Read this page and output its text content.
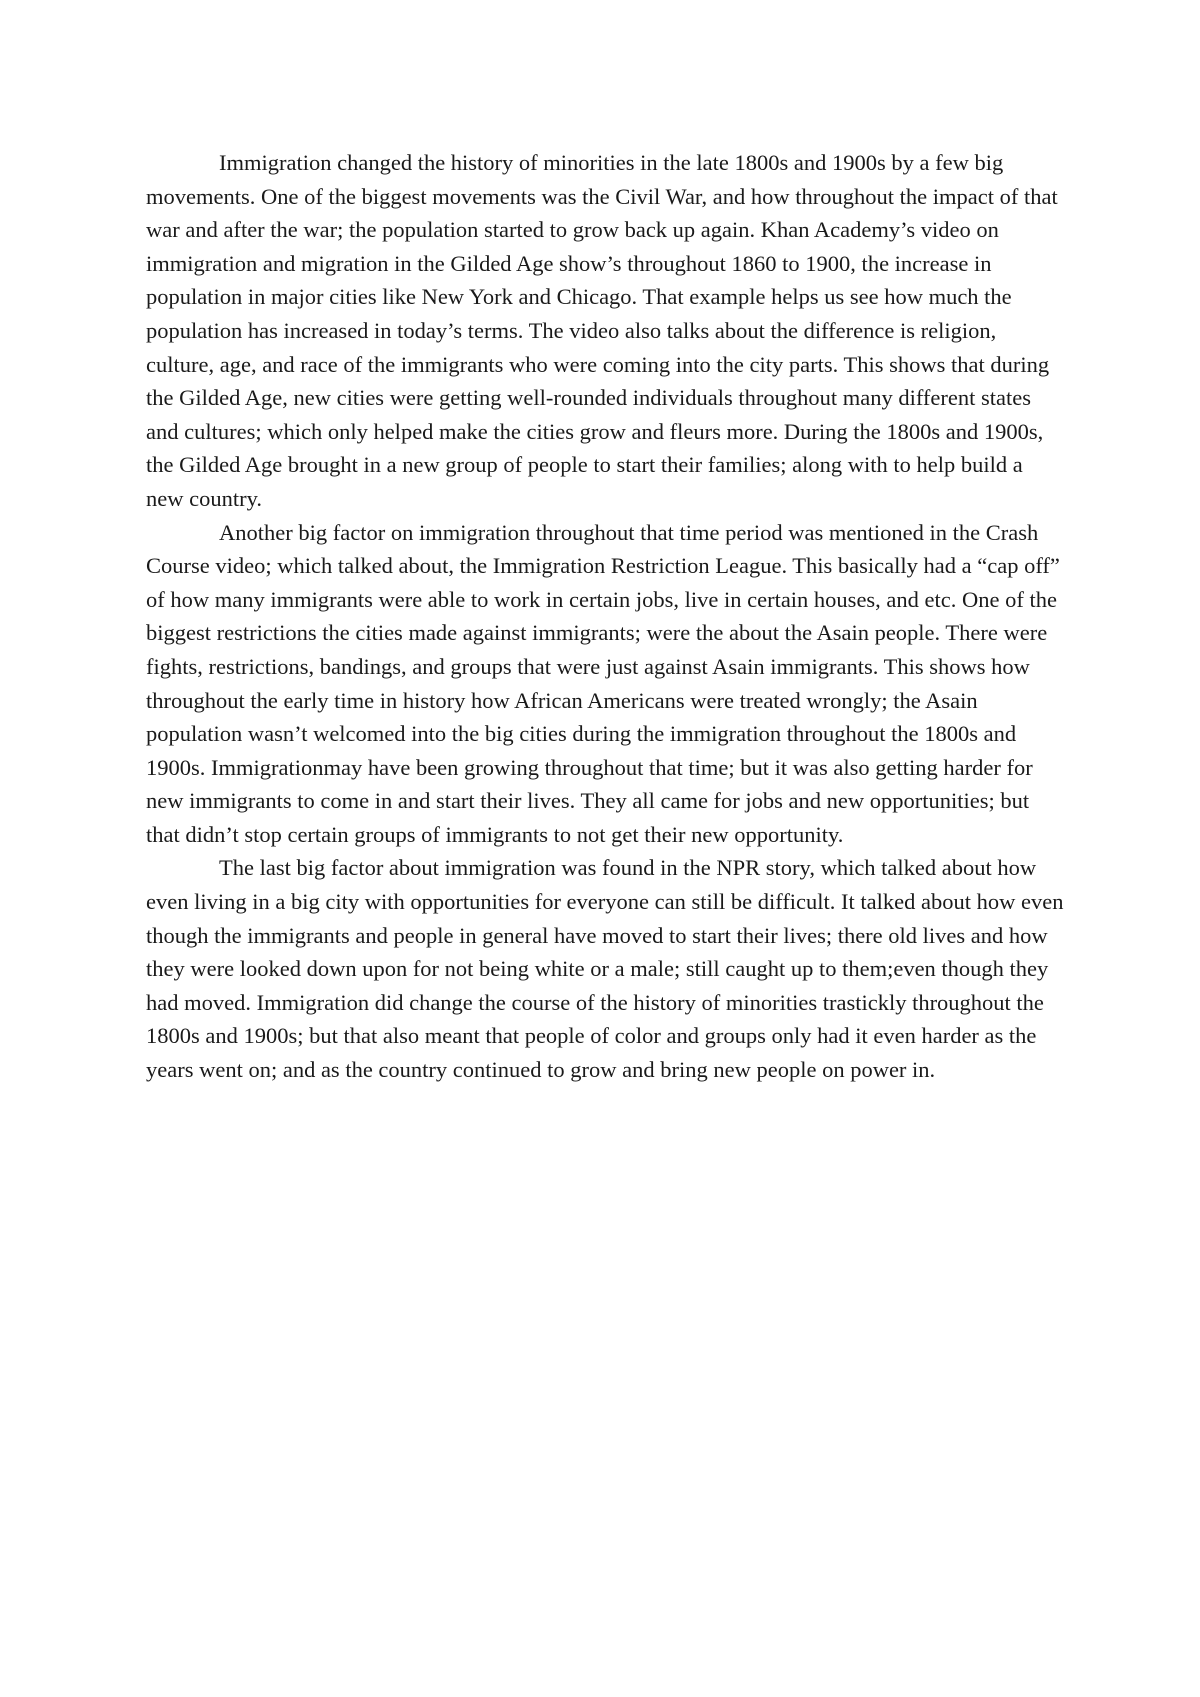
Immigration changed the history of minorities in the late 1800s and 1900s by a few big movements. One of the biggest movements was the Civil War, and how throughout the impact of that war and after the war; the population started to grow back up again. Khan Academy’s video on immigration and migration in the Gilded Age show’s throughout 1860 to 1900, the increase in population in major cities like New York and Chicago. That example helps us see how much the population has increased in today’s terms. The video also talks about the difference is religion, culture, age, and race of the immigrants who were coming into the city parts. This shows that during the Gilded Age, new cities were getting well-rounded individuals throughout many different states and cultures; which only helped make the cities grow and fleurs more. During the 1800s and 1900s, the Gilded Age brought in a new group of people to start their families; along with to help build a new country.

Another big factor on immigration throughout that time period was mentioned in the Crash Course video; which talked about, the Immigration Restriction League. This basically had a “cap off” of how many immigrants were able to work in certain jobs, live in certain houses, and etc. One of the biggest restrictions the cities made against immigrants; were the about the Asain people. There were fights, restrictions, bandings, and groups that were just against Asain immigrants. This shows how throughout the early time in history how African Americans were treated wrongly; the Asain population wasn’t welcomed into the big cities during the immigration throughout the 1800s and 1900s. Immigrationmay have been growing throughout that time; but it was also getting harder for new immigrants to come in and start their lives. They all came for jobs and new opportunities; but that didn’t stop certain groups of immigrants to not get their new opportunity.

The last big factor about immigration was found in the NPR story, which talked about how even living in a big city with opportunities for everyone can still be difficult. It talked about how even though the immigrants and people in general have moved to start their lives; there old lives and how they were looked down upon for not being white or a male; still caught up to them;even though they had moved. Immigration did change the course of the history of minorities trastickly throughout the 1800s and 1900s; but that also meant that people of color and groups only had it even harder as the years went on; and as the country continued to grow and bring new people on power in.
